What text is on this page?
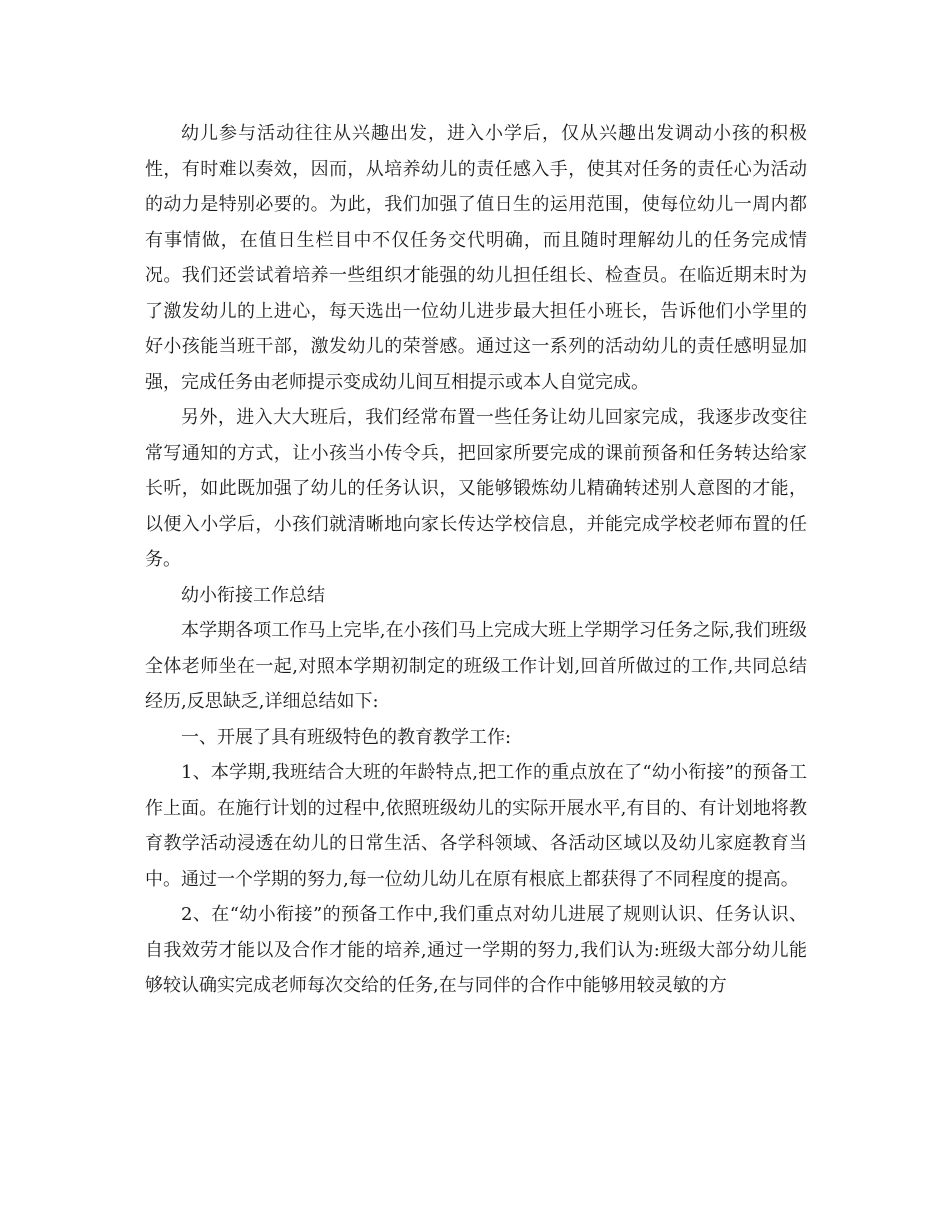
幼儿参与活动往往从兴趣出发，进入小学后，仅从兴趣出发调动小孩的积极性，有时难以奏效，因而，从培养幼儿的责任感入手，使其对任务的责任心为活动的动力是特别必要的。为此，我们加强了值日生的运用范围，使每位幼儿一周内都有事情做，在值日生栏目中不仅任务交代明确，而且随时理解幼儿的任务完成情况。我们还尝试着培养一些组织才能强的幼儿担任组长、检查员。在临近期末时为了激发幼儿的上进心，每天选出一位幼儿进步最大担任小班长，告诉他们小学里的好小孩能当班干部，激发幼儿的荣誉感。通过这一系列的活动幼儿的责任感明显加强，完成任务由老师提示变成幼儿间互相提示或本人自觉完成。

另外，进入大大班后，我们经常布置一些任务让幼儿回家完成，我逐步改变往常写通知的方式，让小孩当小传令兵，把回家所要完成的课前预备和任务转达给家长听，如此既加强了幼儿的任务认识，又能够锻炼幼儿精确转述别人意图的才能，以便入小学后，小孩们就清晰地向家长传达学校信息，并能完成学校老师布置的任务。

幼小衔接工作总结

本学期各项工作马上完毕,在小孩们马上完成大班上学期学习任务之际,我们班级全体老师坐在一起,对照本学期初制定的班级工作计划,回首所做过的工作,共同总结经历,反思缺乏,详细总结如下:

一、开展了具有班级特色的教育教学工作:

1、本学期,我班结合大班的年龄特点,把工作的重点放在了“幼小衔接”的预备工作上面。在施行计划的过程中,依照班级幼儿的实际开展水平,有目的、有计划地将教育教学活动浸透在幼儿的日常生活、各学科领域、各活动区域以及幼儿家庭教育当中。通过一个学期的努力,每一位幼儿幼儿在原有根底上都获得了不同程度的提高。

2、在“幼小衔接”的预备工作中,我们重点对幼儿进展了规则认识、任务认识、自我效劳才能以及合作才能的培养,通过一学期的努力,我们认为:班级大部分幼儿能够较认确实完成老师每次交给的任务,在与同伴的合作中能够用较灵敏的方
